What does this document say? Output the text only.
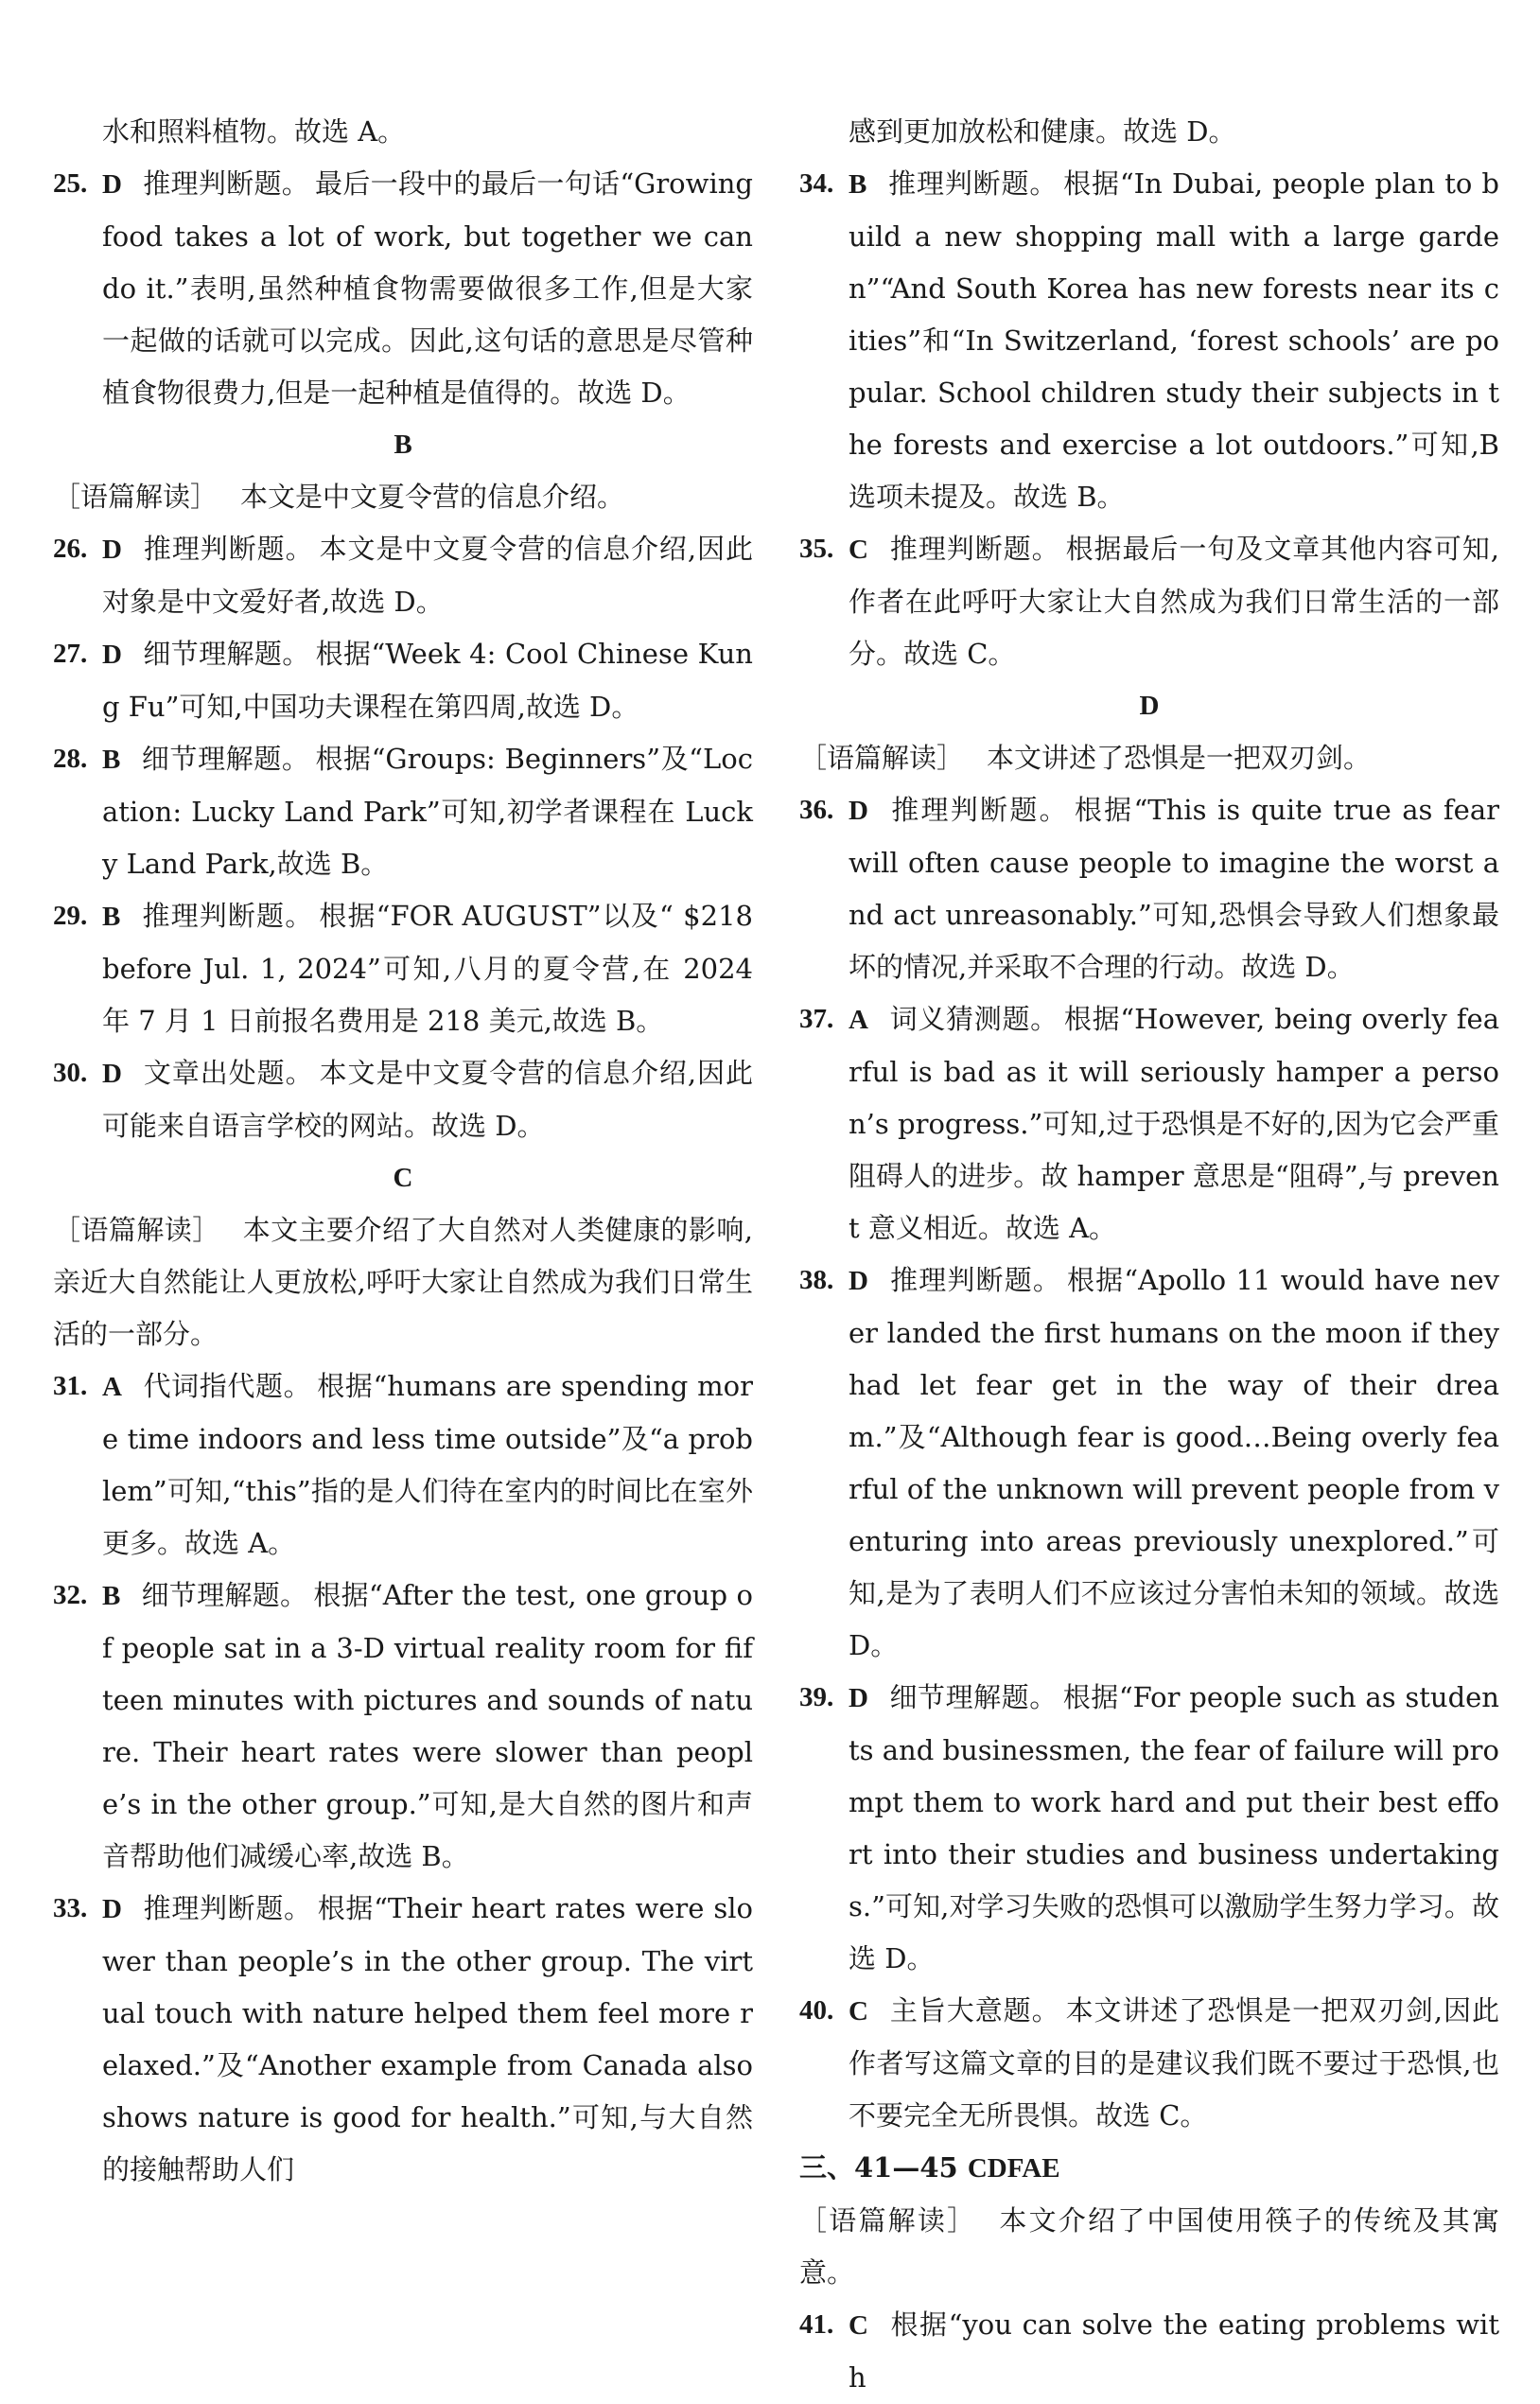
水和照料植物。故选 A。

25. D 推理判断题。 最后一段中的最后一句话“Growing food takes a lot of work, but together we can do it.”表明,虽然种植食物需要做很多工作,但是大家一起做的话就可以完成。因此,这句话的意思是尽管种植食物很费力,但是一起种植是值得的。故选 D。

B

［语篇解读］ 本文是中文夏令营的信息介绍。

26. D 推理判断题。 本文是中文夏令营的信息介绍,因此对象是中文爱好者,故选 D。

27. D 细节理解题。 根据“Week 4: Cool Chinese Kung Fu”可知,中国功夫课程在第四周,故选 D。

28. B 细节理解题。 根据“Groups: Beginners”及“Location: Lucky Land Park”可知,初学者课程在 Lucky Land Park,故选 B。

29. B 推理判断题。 根据“FOR AUGUST”以及“ $218 before Jul. 1, 2024”可知,八月的夏令营,在 2024 年 7 月 1 日前报名费用是 218 美元,故选 B。

30. D 文章出处题。 本文是中文夏令营的信息介绍,因此可能来自语言学校的网站。故选 D。

C

［语篇解读］ 本文主要介绍了大自然对人类健康的影响,亲近大自然能让人更放松,呼吁大家让自然成为我们日常生活的一部分。

31. A 代词指代题。 根据“humans are spending more time indoors and less time outside”及“a problem”可知,“this”指的是人们待在室内的时间比在室外更多。故选 A。

32. B 细节理解题。 根据“After the test, one group of people sat in a 3-D virtual reality room for fifteen minutes with pictures and sounds of nature. Their heart rates were slower than people’s in the other group.”可知,是大自然的图片和声音帮助他们减缓心率,故选 B。

33. D 推理判断题。 根据“Their heart rates were slower than people’s in the other group. The virtual touch with nature helped them feel more relaxed.”及“Another example from Canada also shows nature is good for health.”可知,与大自然的接触帮助人们

感到更加放松和健康。故选 D。

34. B 推理判断题。 根据“In Dubai, people plan to build a new shopping mall with a large garden”“And South Korea has new forests near its cities”和“In Switzerland, ‘forest schools’ are popular. School children study their subjects in the forests and exercise a lot outdoors.”可知,B 选项未提及。故选 B。

35. C 推理判断题。 根据最后一句及文章其他内容可知,作者在此呼吁大家让大自然成为我们日常生活的一部分。故选 C。

D

［语篇解读］ 本文讲述了恐惧是一把双刃剑。

36. D 推理判断题。 根据“This is quite true as fear will often cause people to imagine the worst and act unreasonably.”可知,恐惧会导致人们想象最坏的情况,并采取不合理的行动。故选 D。

37. A 词义猜测题。 根据“However, being overly fearful is bad as it will seriously hamper a person’s progress.”可知,过于恐惧是不好的,因为它会严重阻碍人的进步。故 hamper 意思是“阻碍”,与 prevent 意义相近。故选 A。

38. D 推理判断题。 根据“Apollo 11 would have never landed the first humans on the moon if they had let fear get in the way of their dream.”及“Although fear is good…Being overly fearful of the unknown will prevent people from venturing into areas previously unexplored.”可知,是为了表明人们不应该过分害怕未知的领域。故选 D。

39. D 细节理解题。 根据“For people such as students and businessmen, the fear of failure will prompt them to work hard and put their best effort into their studies and business undertakings.”可知,对学习失败的恐惧可以激励学生努力学习。故选 D。

40. C 主旨大意题。 本文讲述了恐惧是一把双刃剑,因此作者写这篇文章的目的是建议我们既不要过于恐惧,也不要完全无所畏惧。故选 C。

三、41—45 CDFAE

［语篇解读］ 本文介绍了中国使用筷子的传统及其寓意。

41. C 根据“you can solve the eating problems with
